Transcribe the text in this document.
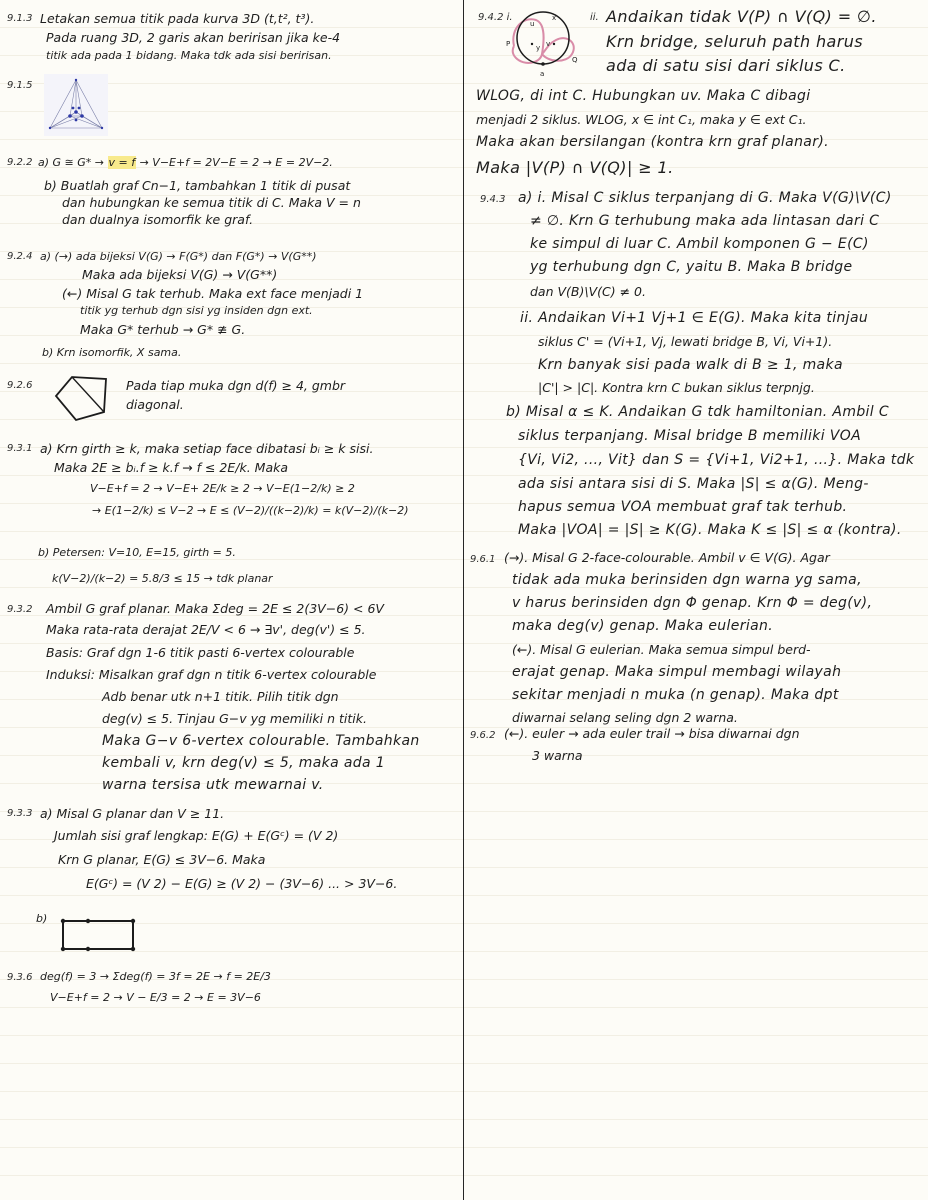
9.1.3 Letakan semua titik pada kurva 3D (t,t², t³).
Pada ruang 3D, 2 garis akan beririsan jika ke-4
titik ada pada 1 bidang. Maka tdk ada sisi beririsan.
9.1.5
9.2.2 a) G ≅ G* → v = f → V−E+f = 2V−E = 2 → E = 2V−2.
b) Buatlah graf Cn−1, tambahkan 1 titik di pusat
dan hubungkan ke semua titik di C. Maka V = n
dan dualnya isomorfik ke graf.
9.2.4 a) (→) ada bijeksi V(G) → F(G*) dan F(G*) → V(G**)
Maka ada bijeksi V(G) → V(G**)
(←) Misal G tak terhub. Maka ext face menjadi 1
titik yg terhub dgn sisi yg insiden dgn ext.
Maka G* terhub → G* ≇ G.
b) Krn isomorfik, X sama.
9.2.6	Pada tiap muka dgn d(f) ≥ 4, gmbr
diagonal.
9.3.1 a) Krn girth ≥ k, maka setiap face dibatasi bᵢ ≥ k sisi.
Maka 2E ≥ bᵢ.f ≥ k.f → f ≤ 2E/k. Maka
V−E+f = 2 → V−E+ 2E/k ≥ 2 → V−E(1−2/k) ≥ 2
→ E(1−2/k) ≤ V−2 → E ≤ (V−2)/((k−2)/k) = k(V−2)/(k−2)
b) Petersen: V=10, E=15, girth = 5.
k(V−2)/(k−2) = 5.8/3 ≤ 15 → tdk planar
9.3.2 Ambil G graf planar. Maka Σdeg = 2E ≤ 2(3V−6) < 6V
Maka rata-rata derajat 2E/V < 6 → ∃v', deg(v') ≤ 5.
Basis: Graf dgn 1-6 titik pasti 6-vertex colourable
Induksi: Misalkan graf dgn n titik 6-vertex colourable
Adb benar utk n+1 titik. Pilih titik dgn
deg(v) ≤ 5. Tinjau G−v yg memiliki n titik.
Maka G−v 6-vertex colourable. Tambahkan
kembali v, krn deg(v) ≤ 5, maka ada 1
warna tersisa utk mewarnai v.
9.3.3 a) Misal G planar dan V ≥ 11.
Jumlah sisi graf lengkap: E(G) + E(Gᶜ) = (V 2)
Krn G planar, E(G) ≤ 3V−6. Maka
E(Gᶜ) = (V 2) − E(G) ≥ (V 2) − (3V−6) ... > 3V−6.
b)
9.3.6 deg(f) = 3 → Σdeg(f) = 3f = 2E → f = 2E/3
V−E+f = 2 → V − E/3 = 2 → E = 3V−6
9.4.2 i.
u
x
y v
P
Q
a
ii. Andaikan tidak V(P) ∩ V(Q) = ∅.
Krn bridge, seluruh path harus
ada di satu sisi dari siklus C.
WLOG, di int C. Hubungkan uv. Maka C dibagi
menjadi 2 siklus. WLOG, x ∈ int C₁, maka y ∈ ext C₁.
Maka akan bersilangan (kontra krn graf planar).
Maka |V(P) ∩ V(Q)| ≥ 1.
9.4.3 a) i. Misal C siklus terpanjang di G. Maka V(G)\V(C)
≠ ∅. Krn G terhubung maka ada lintasan dari C
ke simpul di luar C. Ambil komponen G − E(C)
yg terhubung dgn C, yaitu B. Maka B bridge
dan V(B)\V(C) ≠ 0.
ii. Andaikan Vi+1 Vj+1 ∈ E(G). Maka kita tinjau
siklus C' = (Vi+1, Vj, lewati bridge B, Vi, Vi+1).
Krn banyak sisi pada walk di B ≥ 1, maka
|C'| > |C|. Kontra krn C bukan siklus terpnjg.
b) Misal α ≤ K. Andaikan G tdk hamiltonian. Ambil C
siklus terpanjang. Misal bridge B memiliki VOA
{Vi, Vi2, ..., Vit} dan S = {Vi+1, Vi2+1, ...}. Maka tdk
ada sisi antara sisi di S. Maka |S| ≤ α(G). Meng-
hapus semua VOA membuat graf tak terhub.
Maka |VOA| = |S| ≥ K(G). Maka K ≤ |S| ≤ α (kontra).
9.6.1 (→). Misal G 2-face-colourable. Ambil v ∈ V(G). Agar
tidak ada muka berinsiden dgn warna yg sama,
v harus berinsiden dgn Φ genap. Krn Φ = deg(v),
maka deg(v) genap. Maka eulerian.
(←). Misal G eulerian. Maka semua simpul berd-
erajat genap. Maka simpul membagi wilayah
sekitar menjadi n muka (n genap). Maka dpt
diwarnai selang seling dgn 2 warna.
9.6.2 (←). euler → ada euler trail → bisa diwarnai dgn
3 warna
